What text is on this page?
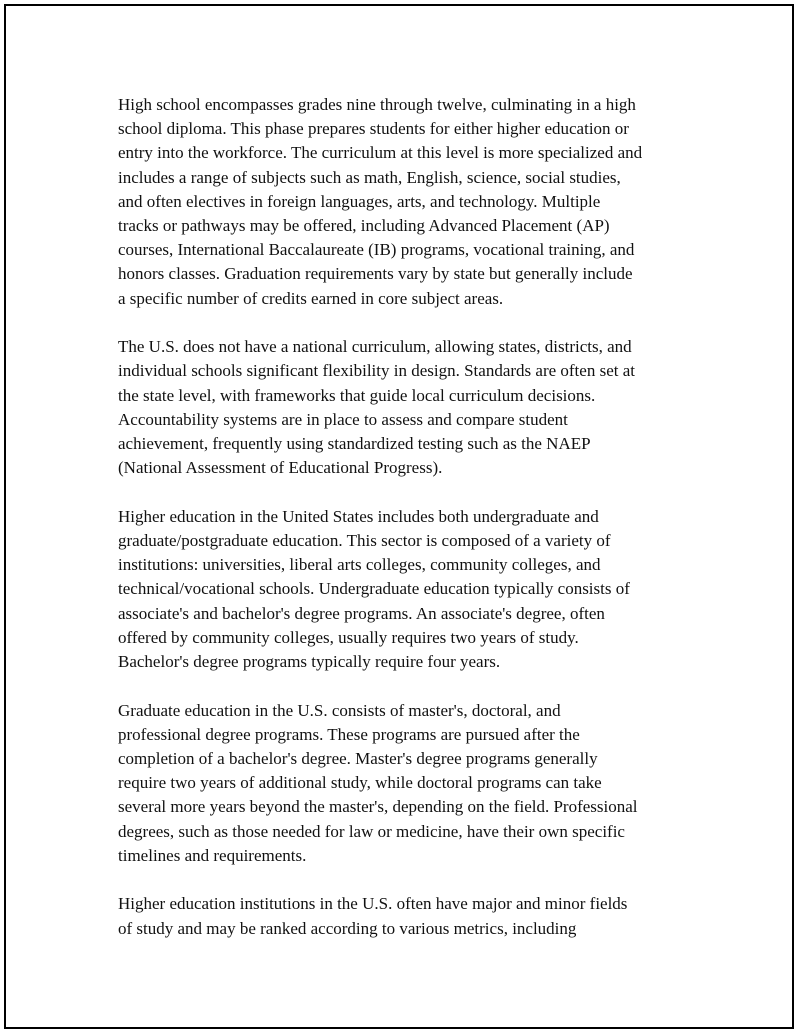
High school encompasses grades nine through twelve, culminating in a high
school diploma. This phase prepares students for either higher education or
entry into the workforce. The curriculum at this level is more specialized and
includes a range of subjects such as math, English, science, social studies,
and often electives in foreign languages, arts, and technology. Multiple
tracks or pathways may be offered, including Advanced Placement (AP)
courses, International Baccalaureate (IB) programs, vocational training, and
honors classes. Graduation requirements vary by state but generally include
a specific number of credits earned in core subject areas.

The U.S. does not have a national curriculum, allowing states, districts, and
individual schools significant flexibility in design. Standards are often set at
the state level, with frameworks that guide local curriculum decisions.
Accountability systems are in place to assess and compare student
achievement, frequently using standardized testing such as the NAEP
(National Assessment of Educational Progress).

Higher education in the United States includes both undergraduate and
graduate/postgraduate education. This sector is composed of a variety of
institutions: universities, liberal arts colleges, community colleges, and
technical/vocational schools. Undergraduate education typically consists of
associate's and bachelor's degree programs. An associate's degree, often
offered by community colleges, usually requires two years of study.
Bachelor's degree programs typically require four years.

Graduate education in the U.S. consists of master's, doctoral, and
professional degree programs. These programs are pursued after the
completion of a bachelor's degree. Master's degree programs generally
require two years of additional study, while doctoral programs can take
several more years beyond the master's, depending on the field. Professional
degrees, such as those needed for law or medicine, have their own specific
timelines and requirements.

Higher education institutions in the U.S. often have major and minor fields
of study and may be ranked according to various metrics, including
